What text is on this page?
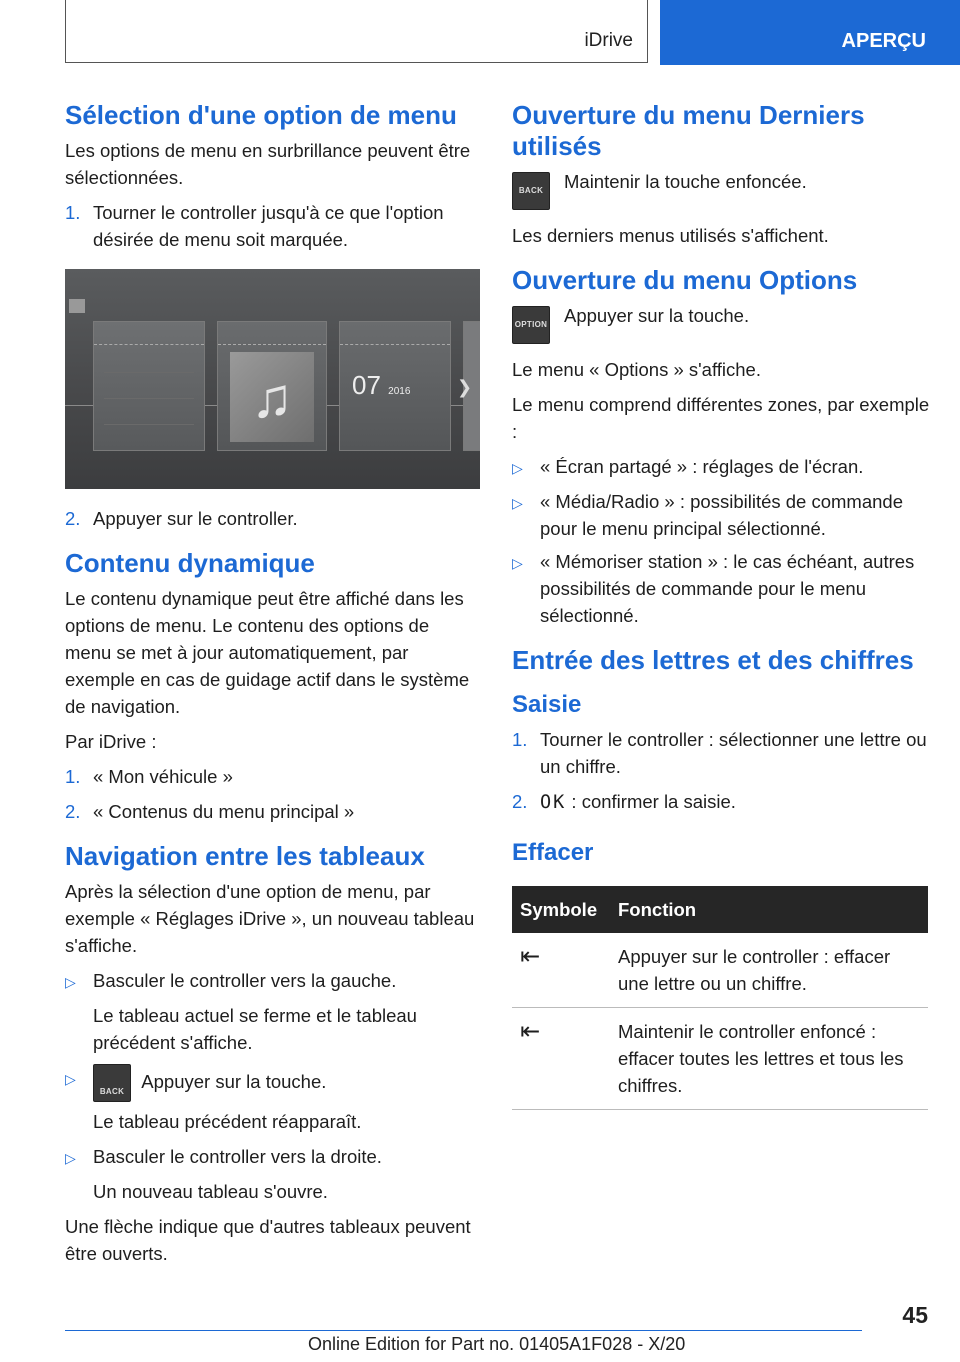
iDrive	APERÇU
Sélection d'une option de menu

Les options de menu en surbrillance peuvent être sélectionnées.

1. Tourner le controller jusqu'à ce que l'option désirée de menu soit marquée.
♫	07 2016	❯
2. Appuyer sur le controller.
Contenu dynamique

Le contenu dynamique peut être affiché dans les options de menu. Le contenu des options de menu se met à jour automatiquement, par exemple en cas de guidage actif dans le système de navigation.

Par iDrive :

1. « Mon véhicule »
2. « Contenus du menu principal »
Navigation entre les tableaux

Après la sélection d'une option de menu, par exemple « Réglages iDrive », un nouveau tableau s'affiche.

▷ Basculer le controller vers la gauche.
Le tableau actuel se ferme et le tableau précédent s'affiche.
▷
BACK Appuyer sur la touche.
Le tableau précédent réapparaît.
▷ Basculer le controller vers la droite.
Un nouveau tableau s'ouvre.

Une flèche indique que d'autres tableaux peuvent être ouverts.

Ouverture du menu Derniers utilisés
BACK	Maintenir la touche enfoncée.

Les derniers menus utilisés s'affichent.

Ouverture du menu Options
OPTION Appuyer sur la touche.

Le menu « Options » s'affiche.

Le menu comprend différentes zones, par exemple :

▷ « Écran partagé » : réglages de l'écran.
▷ « Média/Radio » : possibilités de commande pour le menu principal sélectionné.
▷ « Mémoriser station » : le cas échéant, autres possibilités de commande pour le menu sélectionné.
Entrée des lettres et des chiffres
Saisie
1. Tourner le controller : sélectionner une lettre ou un chiffre.
2. OK : confirmer la saisie.
Effacer
Symbole	Fonction
⇤	Appuyer sur le controller : effacer une lettre ou un chiffre.
⇤	Maintenir le controller enfoncé : effacer toutes les lettres et tous les chiffres.
45
Online Edition for Part no. 01405A1F028 - X/20
